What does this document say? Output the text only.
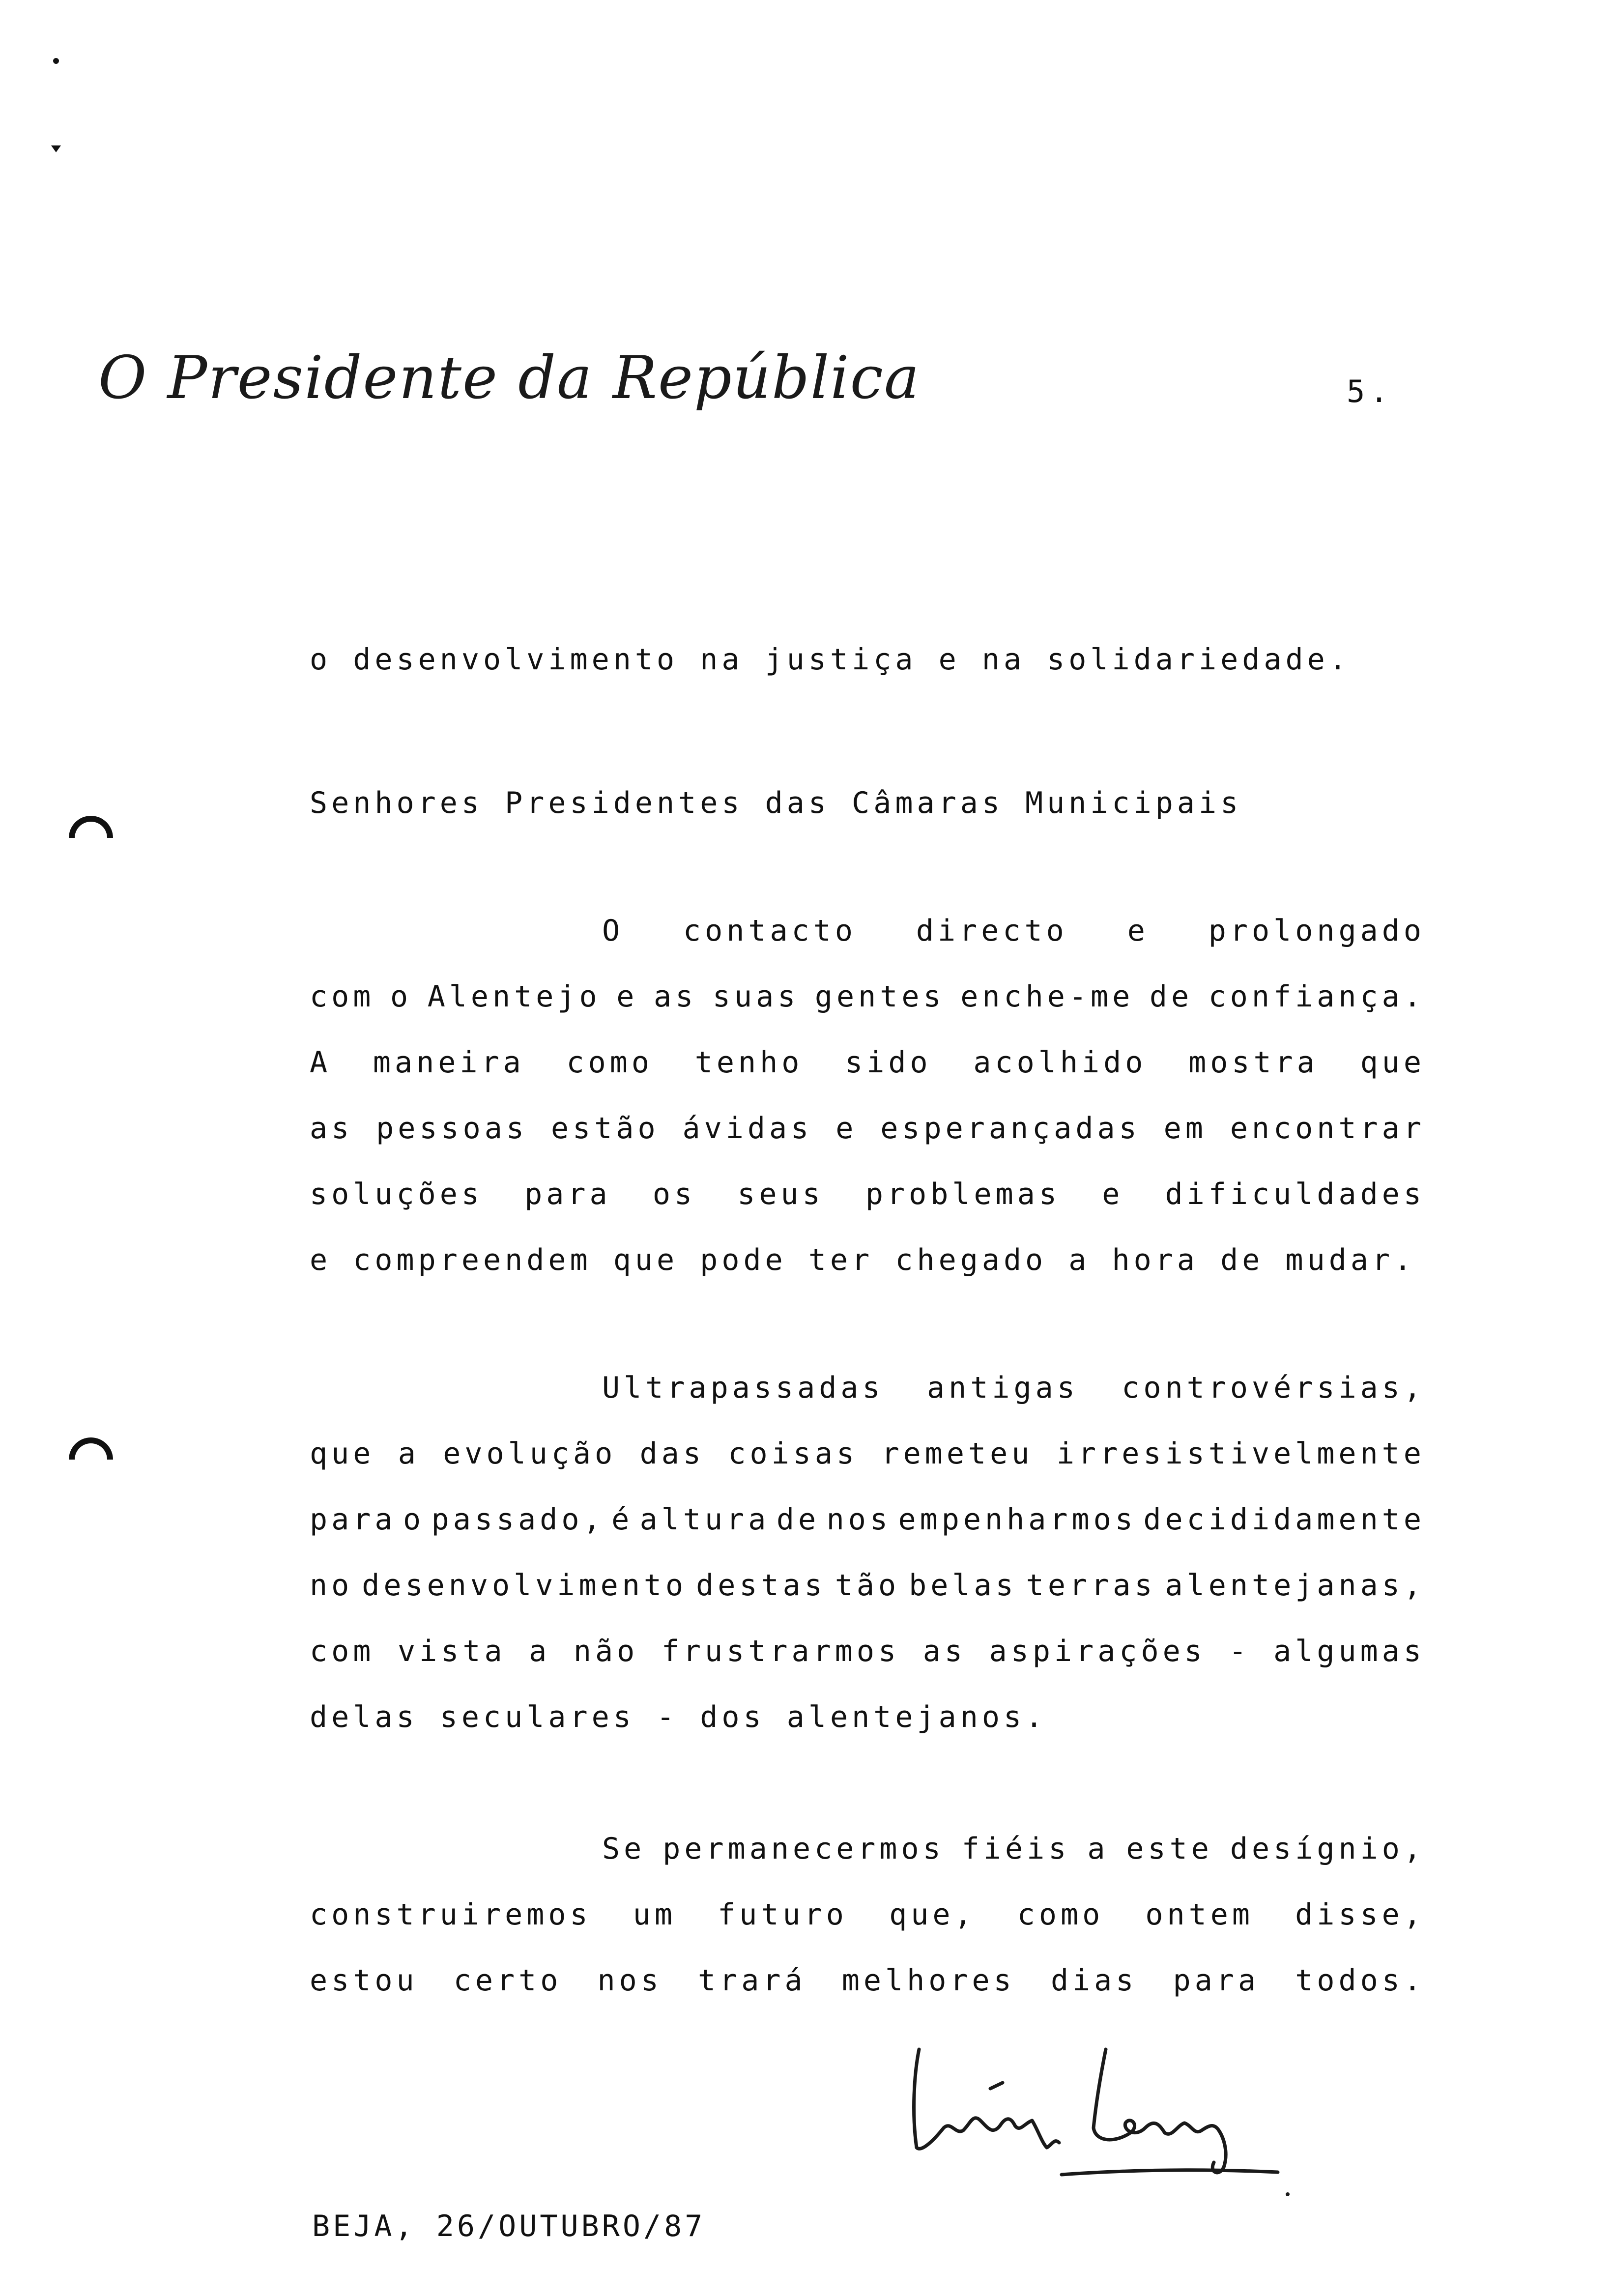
O Presidente da República	5.
o desenvolvimento na justiça e na solidariedade.
Senhores Presidentes das Câmaras Municipais
O contacto directo e prolongado
com o Alentejo e as suas gentes enche-me de confiança.
A maneira como tenho sido acolhido mostra que
as pessoas estão ávidas e esperançadas em encontrar
soluções para os seus problemas e dificuldades
e compreendem que pode ter chegado a hora de mudar.
Ultrapassadas antigas controvérsias,
que a evolução das coisas remeteu irresistivelmente
para o passado, é altura de nos empenharmos decididamente
no desenvolvimento destas tão belas terras alentejanas,
com vista a não frustrarmos as aspirações - algumas
delas seculares - dos alentejanos.
Se permanecermos fiéis a este desígnio,
construiremos um futuro que, como ontem disse,
estou certo nos trará melhores dias para todos.
BEJA, 26/OUTUBRO/87
